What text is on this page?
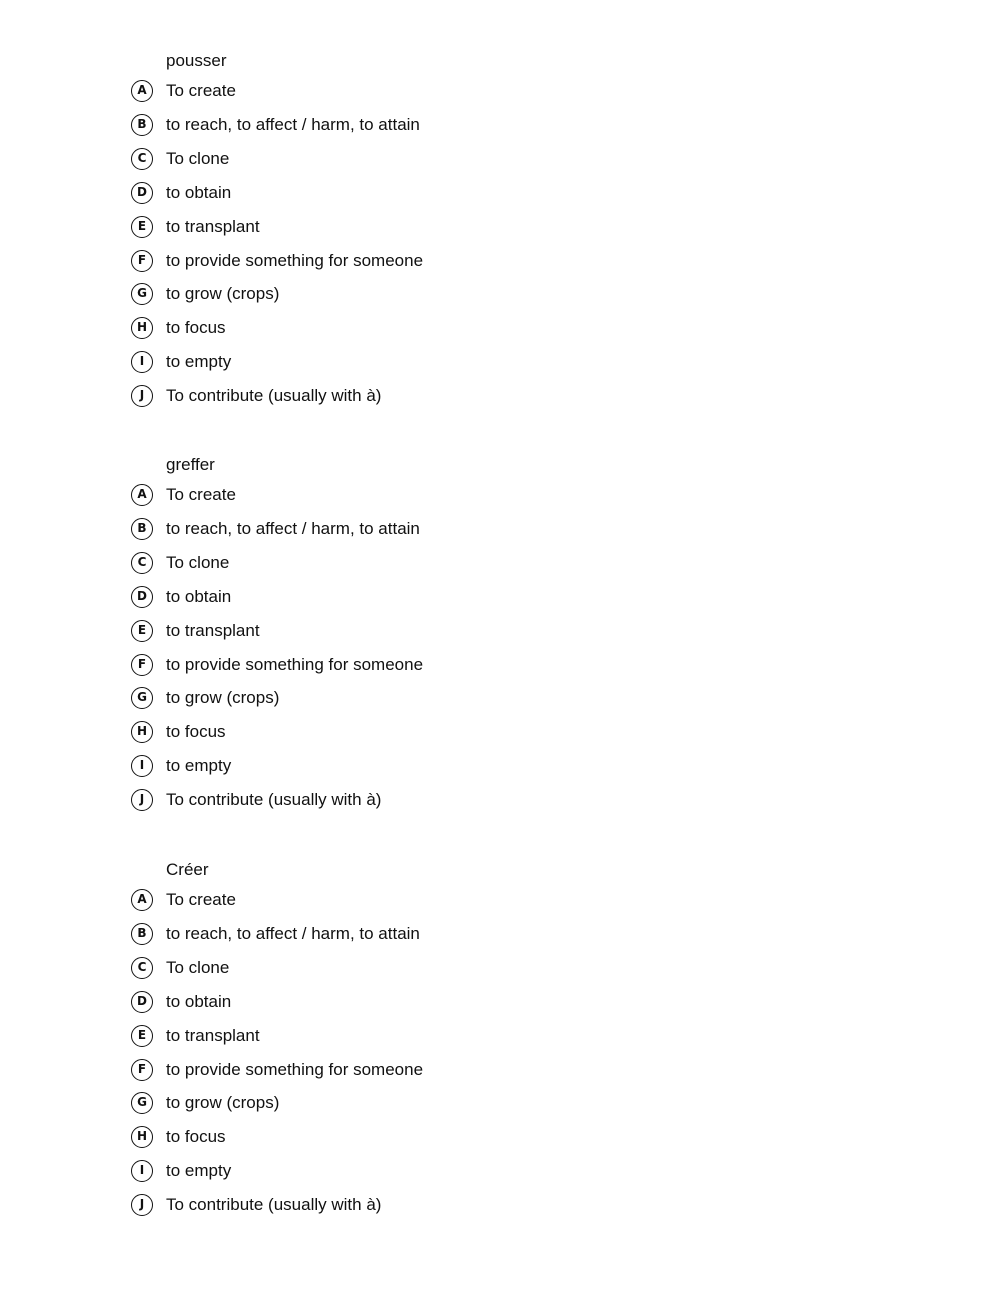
pousser
A	To create
B	to reach, to affect / harm, to attain
C	To clone
D	to obtain
E	to transplant
F	to provide something for someone
G	to grow (crops)
H	to focus
I	to empty
J	To contribute (usually with à)
greffer
A	To create
B	to reach, to affect / harm, to attain
C	To clone
D	to obtain
E	to transplant
F	to provide something for someone
G	to grow (crops)
H	to focus
I	to empty
J	To contribute (usually with à)
Créer
A	To create
B	to reach, to affect / harm, to attain
C	To clone
D	to obtain
E	to transplant
F	to provide something for someone
G	to grow (crops)
H	to focus
I	to empty
J	To contribute (usually with à)
